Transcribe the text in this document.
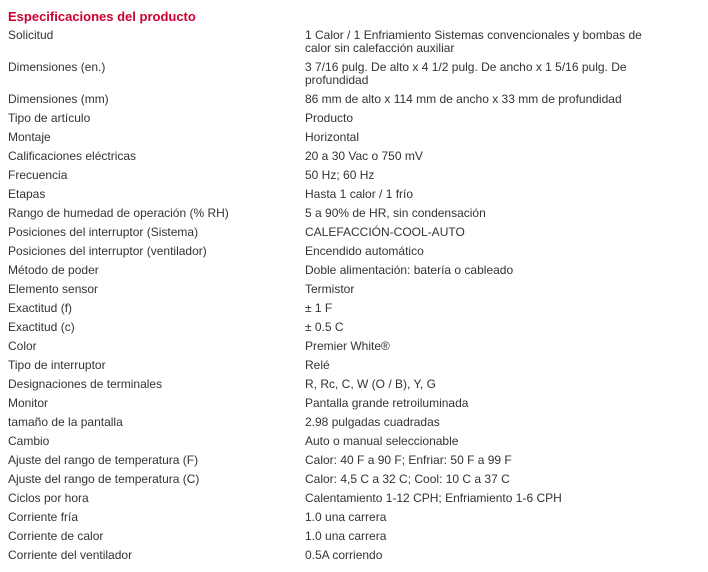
Especificaciones del producto
Solicitud	1 Calor / 1 Enfriamiento Sistemas convencionales y bombas de calor sin calefacción auxiliar
Dimensiones (en.)	3 7/16 pulg. De alto x 4 1/2 pulg. De ancho x 1 5/16 pulg. De profundidad
Dimensiones (mm)	86 mm de alto x 114 mm de ancho x 33 mm de profundidad
Tipo de artículo	Producto
Montaje	Horizontal
Calificaciones eléctricas	20 a 30 Vac o 750 mV
Frecuencia	50 Hz; 60 Hz
Etapas	Hasta 1 calor / 1 frío
Rango de humedad de operación (% RH)	5 a 90% de HR, sin condensación
Posiciones del interruptor (Sistema)	CALEFACCIÓN-COOL-AUTO
Posiciones del interruptor (ventilador)	Encendido automático
Método de poder	Doble alimentación: batería o cableado
Elemento sensor	Termistor
Exactitud (f)	± 1 F
Exactitud (c)	± 0.5 C
Color	Premier White®
Tipo de interruptor	Relé
Designaciones de terminales	R, Rc, C, W (O / B), Y, G
Monitor	Pantalla grande retroiluminada
tamaño de la pantalla	2.98 pulgadas cuadradas
Cambio	Auto o manual seleccionable
Ajuste del rango de temperatura (F)	Calor: 40 F a 90 F; Enfriar: 50 F a 99 F
Ajuste del rango de temperatura (C)	Calor: 4,5 C a 32 C; Cool: 10 C a 37 C
Ciclos por hora	Calentamiento 1-12 CPH; Enfriamiento 1-6 CPH
Corriente fría	1.0 una carrera
Corriente de calor	1.0 una carrera
Corriente del ventilador	0.5A corriendo
